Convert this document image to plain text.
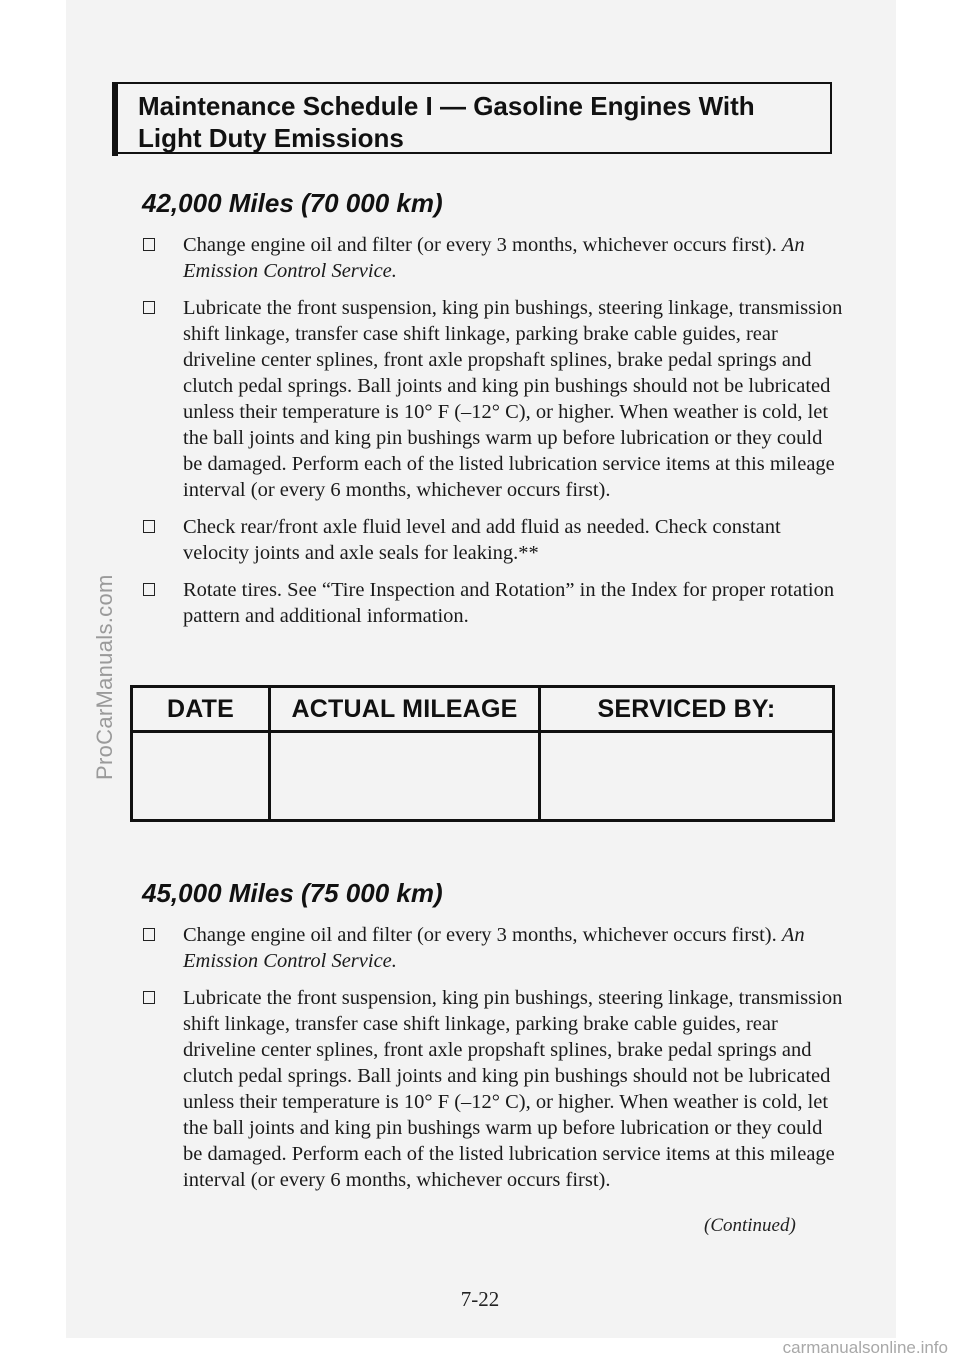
ProCarManuals.com
Maintenance Schedule I — Gasoline Engines With Light Duty Emissions
42,000 Miles (70 000 km)
Change engine oil and filter (or every 3 months, whichever occurs first). An Emission Control Service.
Lubricate the front suspension, king pin bushings, steering linkage, transmission shift linkage, transfer case shift linkage, parking brake cable guides, rear driveline center splines, front axle propshaft splines, brake pedal springs and clutch pedal springs. Ball joints and king pin bushings should not be lubricated unless their temperature is 10° F (–12° C), or higher. When weather is cold, let the ball joints and king pin bushings warm up before lubrication or they could be damaged. Perform each of the listed lubrication service items at this mileage interval (or every 6 months, whichever occurs first).
Check rear/front axle fluid level and add fluid as needed. Check constant velocity joints and axle seals for leaking.**
Rotate tires. See “Tire Inspection and Rotation” in the Index for proper rotation pattern and additional information.
DATE	ACTUAL MILEAGE	SERVICED BY:

45,000 Miles (75 000 km)
Change engine oil and filter (or every 3 months, whichever occurs first). An Emission Control Service.
Lubricate the front suspension, king pin bushings, steering linkage, transmission shift linkage, transfer case shift linkage, parking brake cable guides, rear driveline center splines, front axle propshaft splines, brake pedal springs and clutch pedal springs. Ball joints and king pin bushings should not be lubricated unless their temperature is 10° F (–12° C), or higher. When weather is cold, let the ball joints and king pin bushings warm up before lubrication or they could be damaged. Perform each of the listed lubrication service items at this mileage interval (or every 6 months, whichever occurs first).
(Continued)
7-22
carmanualsonline.info
